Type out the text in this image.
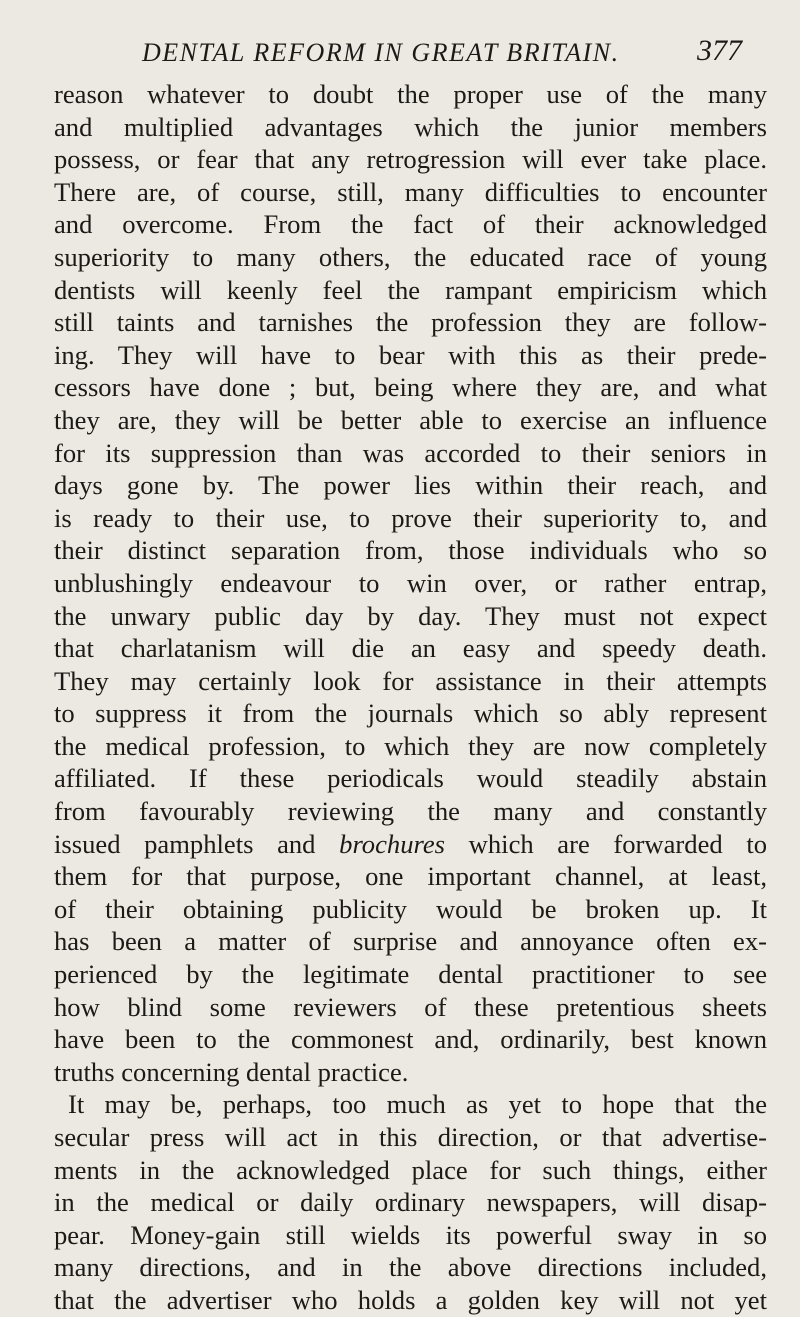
DENTAL REFORM IN GREAT BRITAIN.	377
reason whatever to doubt the proper use of the many
and multiplied advantages which the junior members
possess, or fear that any retrogression will ever take place.
There are, of course, still, many difficulties to encounter
and overcome. From the fact of their acknowledged
superiority to many others, the educated race of young
dentists will keenly feel the rampant empiricism which
still taints and tarnishes the profession they are follow-
ing. They will have to bear with this as their prede-
cessors have done ; but, being where they are, and what
they are, they will be better able to exercise an influence
for its suppression than was accorded to their seniors in
days gone by. The power lies within their reach, and
is ready to their use, to prove their superiority to, and
their distinct separation from, those individuals who so
unblushingly endeavour to win over, or rather entrap,
the unwary public day by day. They must not expect
that charlatanism will die an easy and speedy death.
They may certainly look for assistance in their attempts
to suppress it from the journals which so ably represent
the medical profession, to which they are now completely
affiliated. If these periodicals would steadily abstain
from favourably reviewing the many and constantly
issued pamphlets and brochures which are forwarded to
them for that purpose, one important channel, at least,
of their obtaining publicity would be broken up. It
has been a matter of surprise and annoyance often ex-
perienced by the legitimate dental practitioner to see
how blind some reviewers of these pretentious sheets
have been to the commonest and, ordinarily, best known
truths concerning dental practice.
It may be, perhaps, too much as yet to hope that the
secular press will act in this direction, or that advertise-
ments in the acknowledged place for such things, either
in the medical or daily ordinary newspapers, will disap-
pear. Money-gain still wields its powerful sway in so
many directions, and in the above directions included,
that the advertiser who holds a golden key will not yet
